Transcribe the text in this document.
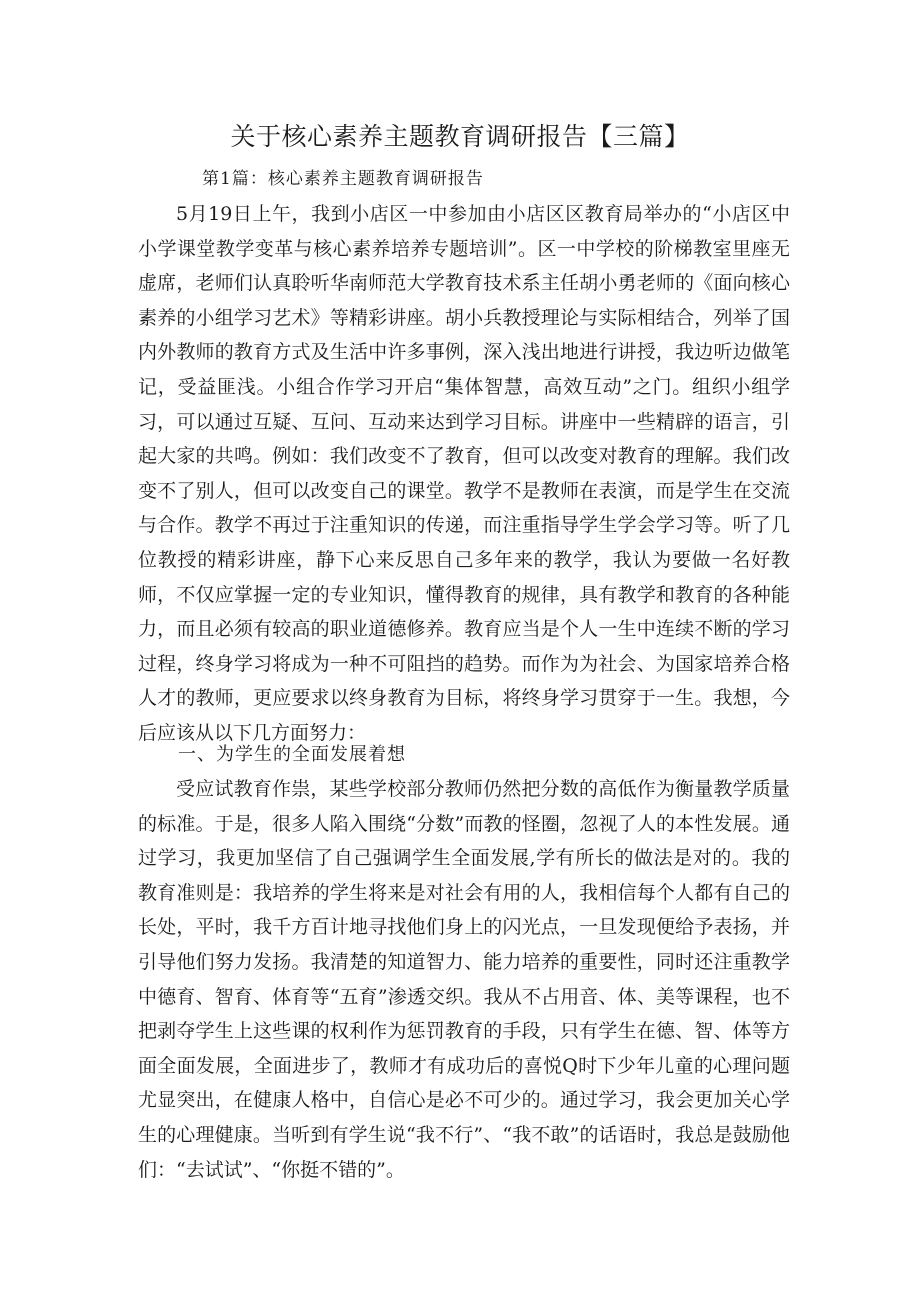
关于核心素养主题教育调研报告【三篇】

第1篇：核心素养主题教育调研报告

5月19日上午，我到小店区一中参加由小店区区教育局举办的“小店区中小学课堂教学变革与核心素养培养专题培训”。区一中学校的阶梯教室里座无虚席，老师们认真聆听华南师范大学教育技术系主任胡小勇老师的《面向核心素养的小组学习艺术》等精彩讲座。胡小兵教授理论与实际相结合，列举了国内外教师的教育方式及生活中许多事例，深入浅出地进行讲授，我边听边做笔记，受益匪浅。小组合作学习开启“集体智慧，高效互动”之门。组织小组学习，可以通过互疑、互问、互动来达到学习目标。讲座中一些精辟的语言，引起大家的共鸣。例如：我们改变不了教育，但可以改变对教育的理解。我们改变不了别人，但可以改变自己的课堂。教学不是教师在表演，而是学生在交流与合作。教学不再过于注重知识的传递，而注重指导学生学会学习等。听了几位教授的精彩讲座，静下心来反思自己多年来的教学，我认为要做一名好教师，不仅应掌握一定的专业知识，懂得教育的规律，具有教学和教育的各种能力，而且必须有较高的职业道德修养。教育应当是个人一生中连续不断的学习过程，终身学习将成为一种不可阻挡的趋势。而作为为社会、为国家培养合格人才的教师，更应要求以终身教育为目标，将终身学习贯穿于一生。我想，今后应该从以下几方面努力：

一、为学生的全面发展着想

受应试教育作祟，某些学校部分教师仍然把分数的高低作为衡量教学质量的标准。于是，很多人陷入围绕“分数”而教的怪圈，忽视了人的本性发展。通过学习，我更加坚信了自己强调学生全面发展,学有所长的做法是对的。我的教育准则是：我培养的学生将来是对社会有用的人，我相信每个人都有自己的长处，平时，我千方百计地寻找他们身上的闪光点，一旦发现便给予表扬，并引导他们努力发扬。我清楚的知道智力、能力培养的重要性，同时还注重教学中德育、智育、体育等“五育”渗透交织。我从不占用音、体、美等课程，也不把剥夺学生上这些课的权利作为惩罚教育的手段，只有学生在德、智、体等方面全面发展，全面进步了，教师才有成功后的喜悦Q时下少年儿童的心理问题尤显突出，在健康人格中，自信心是必不可少的。通过学习，我会更加关心学生的心理健康。当听到有学生说“我不行”、“我不敢”的话语时，我总是鼓励他们：“去试试”、“你挺不错的”。
